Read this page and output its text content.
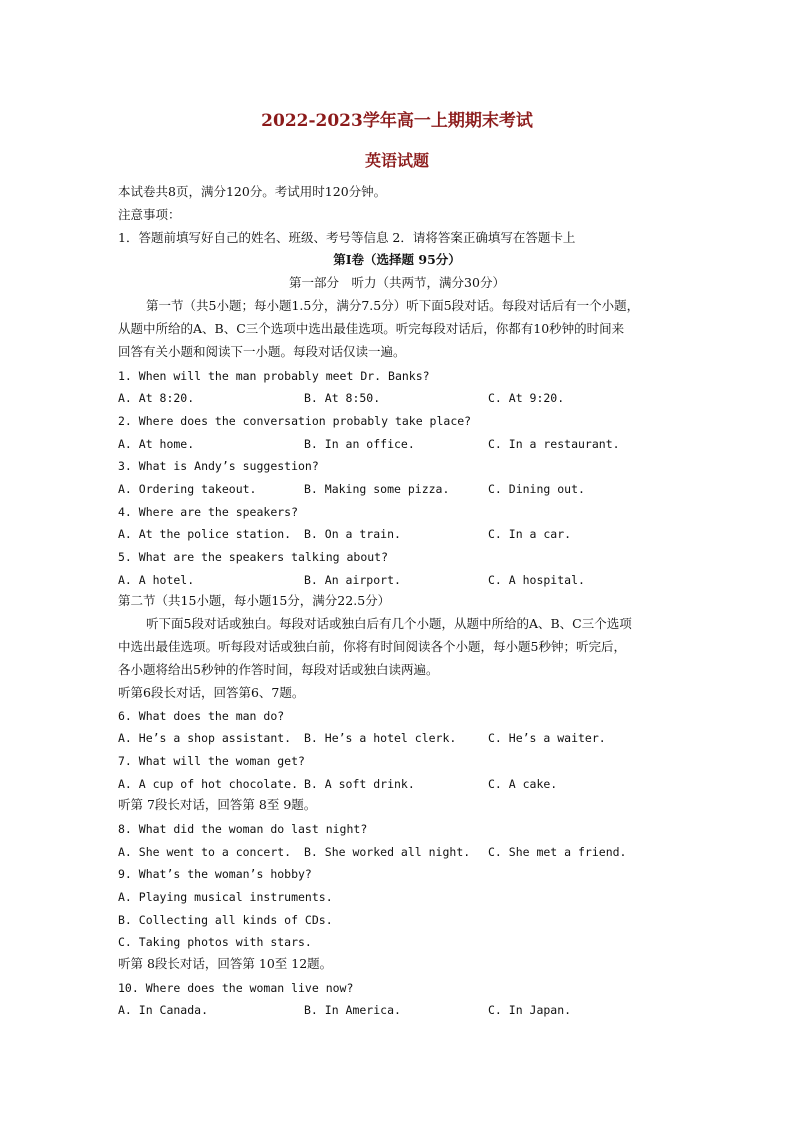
2022-2023学年高一上期期末考试
英语试题
本试卷共8页，满分120分。考试用时120分钟。
注意事项：
1．答题前填写好自己的姓名、班级、考号等信息 2．请将答案正确填写在答题卡上
第Ⅰ卷（选择题 95分）
第一部分　听力（共两节，满分30分）
第一节（共5小题；每小题1.5分，满分7.5分）听下面5段对话。每段对话后有一个小题，
从题中所给的A、B、C三个选项中选出最佳选项。听完每段对话后，你都有10秒钟的时间来
回答有关小题和阅读下一小题。每段对话仅读一遍。
1. When will the man probably meet Dr. Banks?
A. At 8:20.	B. At 8:50.	C. At 9:20.
2. Where does the conversation probably take place?
A. At home.	B. In an office.	C. In a restaurant.
3. What is Andy’s suggestion?
A. Ordering takeout.	B. Making some pizza.	C. Dining out.
4. Where are the speakers?
A. At the police station. B. On a train.	C. In a car.
5. What are the speakers talking about?
A. A hotel.	B. An airport.	C. A hospital.
第二节（共15小题，每小题15分，满分22.5分）
听下面5段对话或独白。每段对话或独白后有几个小题，从题中所给的A、B、C三个选项
中选出最佳选项。听每段对话或独白前，你将有时间阅读各个小题，每小题5秒钟；听完后，
各小题将给出5秒钟的作答时间，每段对话或独白读两遍。
听第6段长对话，回答第6、7题。
6. What does the man do?
A. He’s a shop assistant. B. He’s a hotel clerk.	C. He’s a waiter.
7. What will the woman get?
A. A cup of hot chocolate. B. A soft drink.	C. A cake.
听第 7段长对话，回答第 8至 9题。
8. What did the woman do last night?
A. She went to a concert. B. She worked all night. C. She met a friend.
9. What’s the woman’s hobby?
A. Playing musical instruments.
B. Collecting all kinds of CDs.
C. Taking photos with stars.
听第 8段长对话，回答第 10至 12题。
10. Where does the woman live now?
A. In Canada.	B. In America.	C. In Japan.
